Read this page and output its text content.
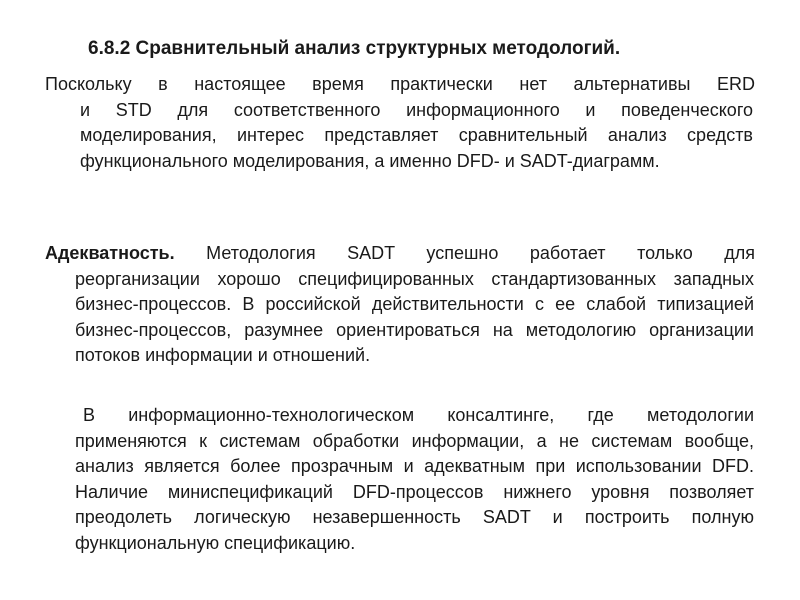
6.8.2 Сравнительный анализ структурных методологий.

Поскольку в настоящее время практически нет альтернативы ERD

и STD для соответственного информационного и поведенческого моделирования, интерес представляет сравнительный анализ средств функционального моделирования, а именно DFD- и SADT-диаграмм.

Адекватность. Методология SADT успешно работает только для

реорганизации хорошо специфицированных стандартизованных западных бизнес-процессов. В российской действительности с ее слабой типизацией бизнес-процессов, разумнее ориентироваться на методологию организации потоков информации и отношений.

В информационно-технологическом консалтинге, где методологии применяются к системам обработки информации, а не системам вообще, анализ является более прозрачным и адекватным при использовании DFD. Наличие миниспецификаций DFD-процессов нижнего уровня позволяет преодолеть логическую незавершенность SADT и построить полную функциональную спецификацию.
